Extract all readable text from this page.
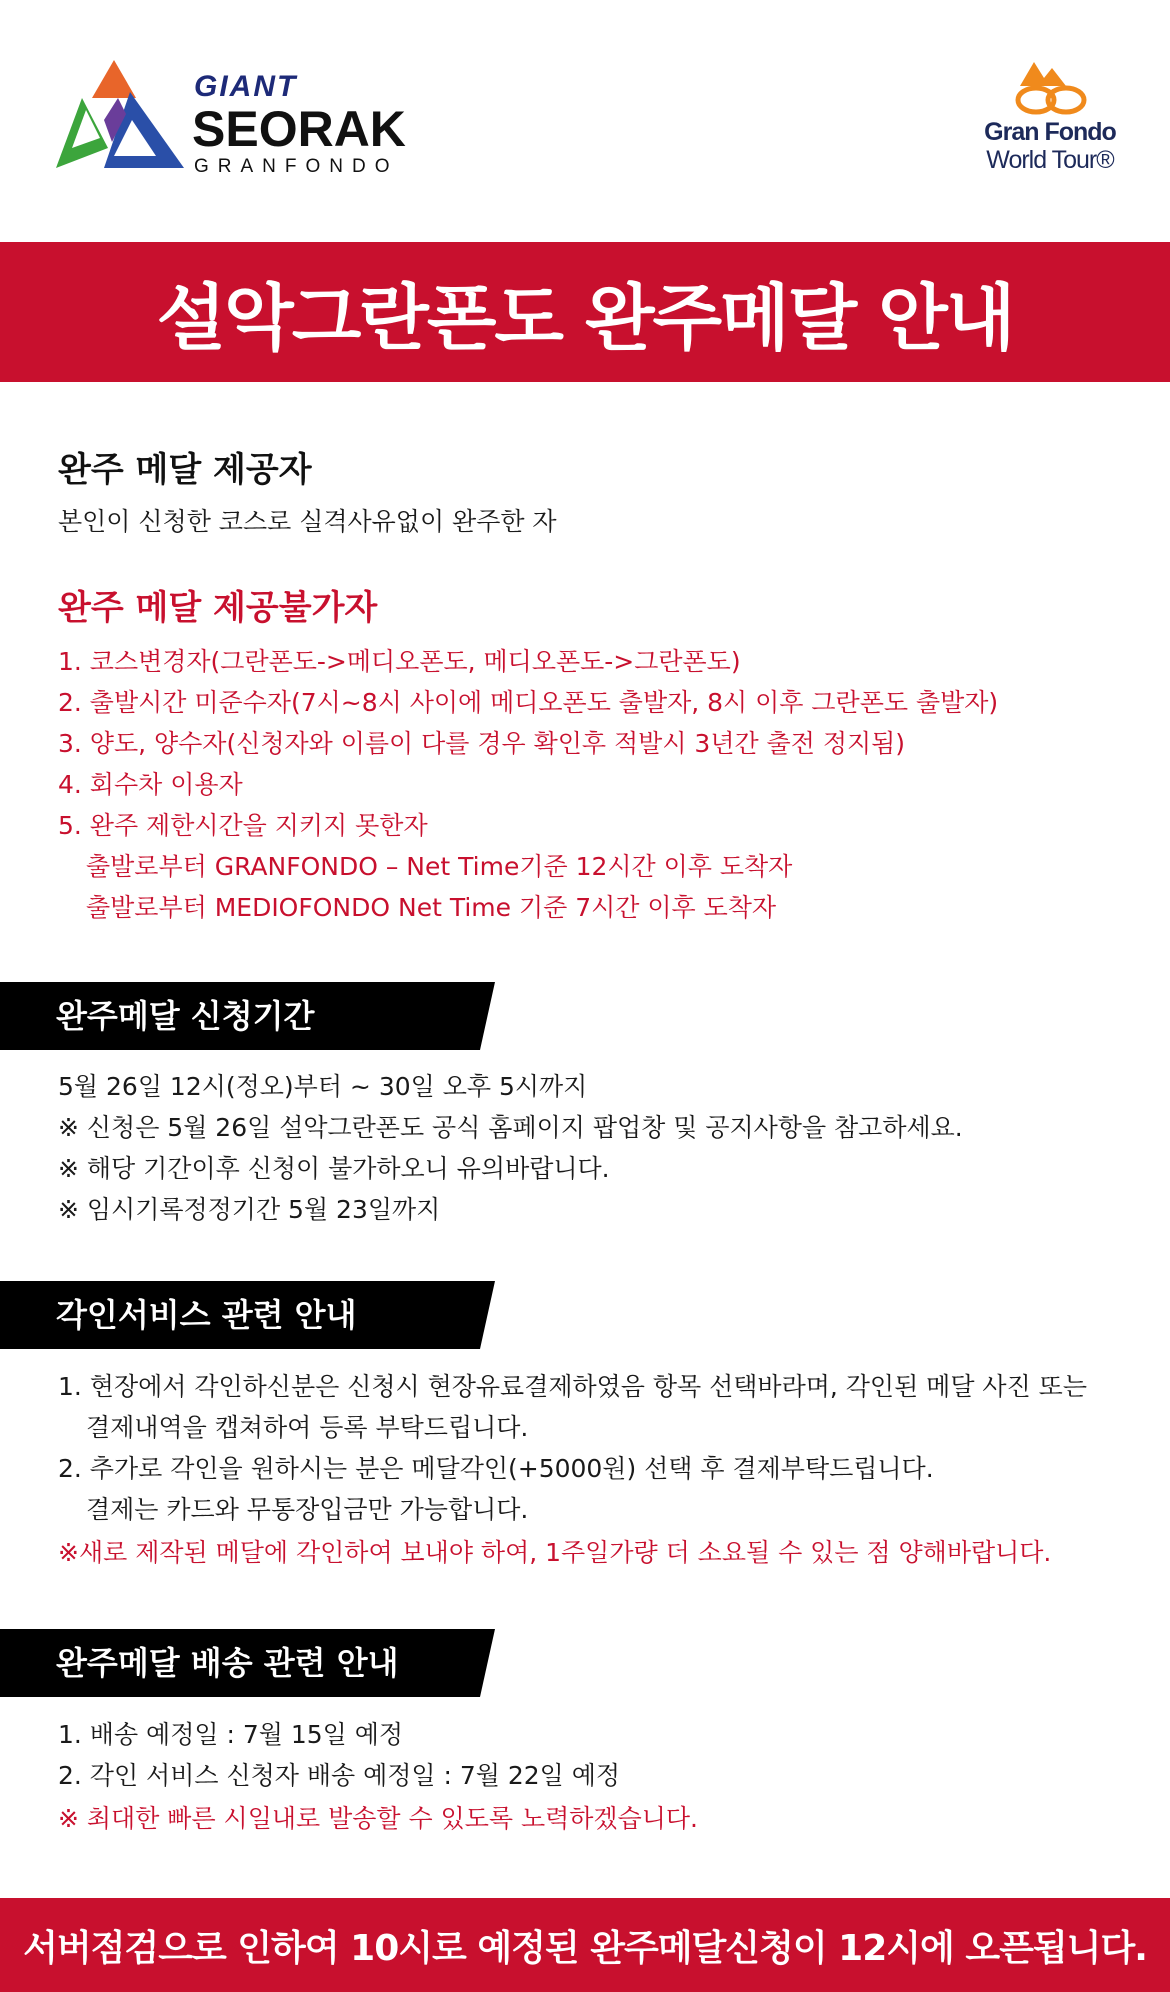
GIANT
SEORAK
GRANFONDO
Gran Fondo
World Tour®
설악그란폰도 완주메달 안내

완주 메달 제공자

본인이 신청한 코스로 실격사유없이 완주한 자

완주 메달 제공불가자

1. 코스변경자(그란폰도->메디오폰도, 메디오폰도->그란폰도)

2. 출발시간 미준수자(7시~8시 사이에 메디오폰도 출발자, 8시 이후 그란폰도 출발자)

3. 양도, 양수자(신청자와 이름이 다를 경우 확인후 적발시 3년간 출전 정지됨)

4. 회수차 이용자

5. 완주 제한시간을 지키지 못한자

출발로부터 GRANFONDO – Net Time기준 12시간 이후 도착자

출발로부터 MEDIOFONDO Net Time 기준 7시간 이후 도착자

완주메달 신청기간

5월 26일 12시(정오)부터 ~ 30일 오후 5시까지

※ 신청은 5월 26일 설악그란폰도 공식 홈페이지 팝업창 및 공지사항을 참고하세요.

※ 해당 기간이후 신청이 불가하오니 유의바랍니다.

※ 임시기록정정기간 5월 23일까지

각인서비스 관련 안내

1. 현장에서 각인하신분은 신청시 현장유료결제하였음 항목 선택바라며, 각인된 메달 사진 또는

결제내역을 캡쳐하여 등록 부탁드립니다.

2. 추가로 각인을 원하시는 분은 메달각인(+5000원) 선택 후 결제부탁드립니다.

결제는 카드와 무통장입금만 가능합니다.

※새로 제작된 메달에 각인하여 보내야 하여, 1주일가량 더 소요될 수 있는 점 양해바랍니다.

완주메달 배송 관련 안내

1. 배송 예정일 : 7월 15일 예정

2. 각인 서비스 신청자 배송 예정일 : 7월 22일 예정

※ 최대한 빠른 시일내로 발송할 수 있도록 노력하겠습니다.

서버점검으로 인하여 10시로 예정된 완주메달신청이 12시에 오픈됩니다.
